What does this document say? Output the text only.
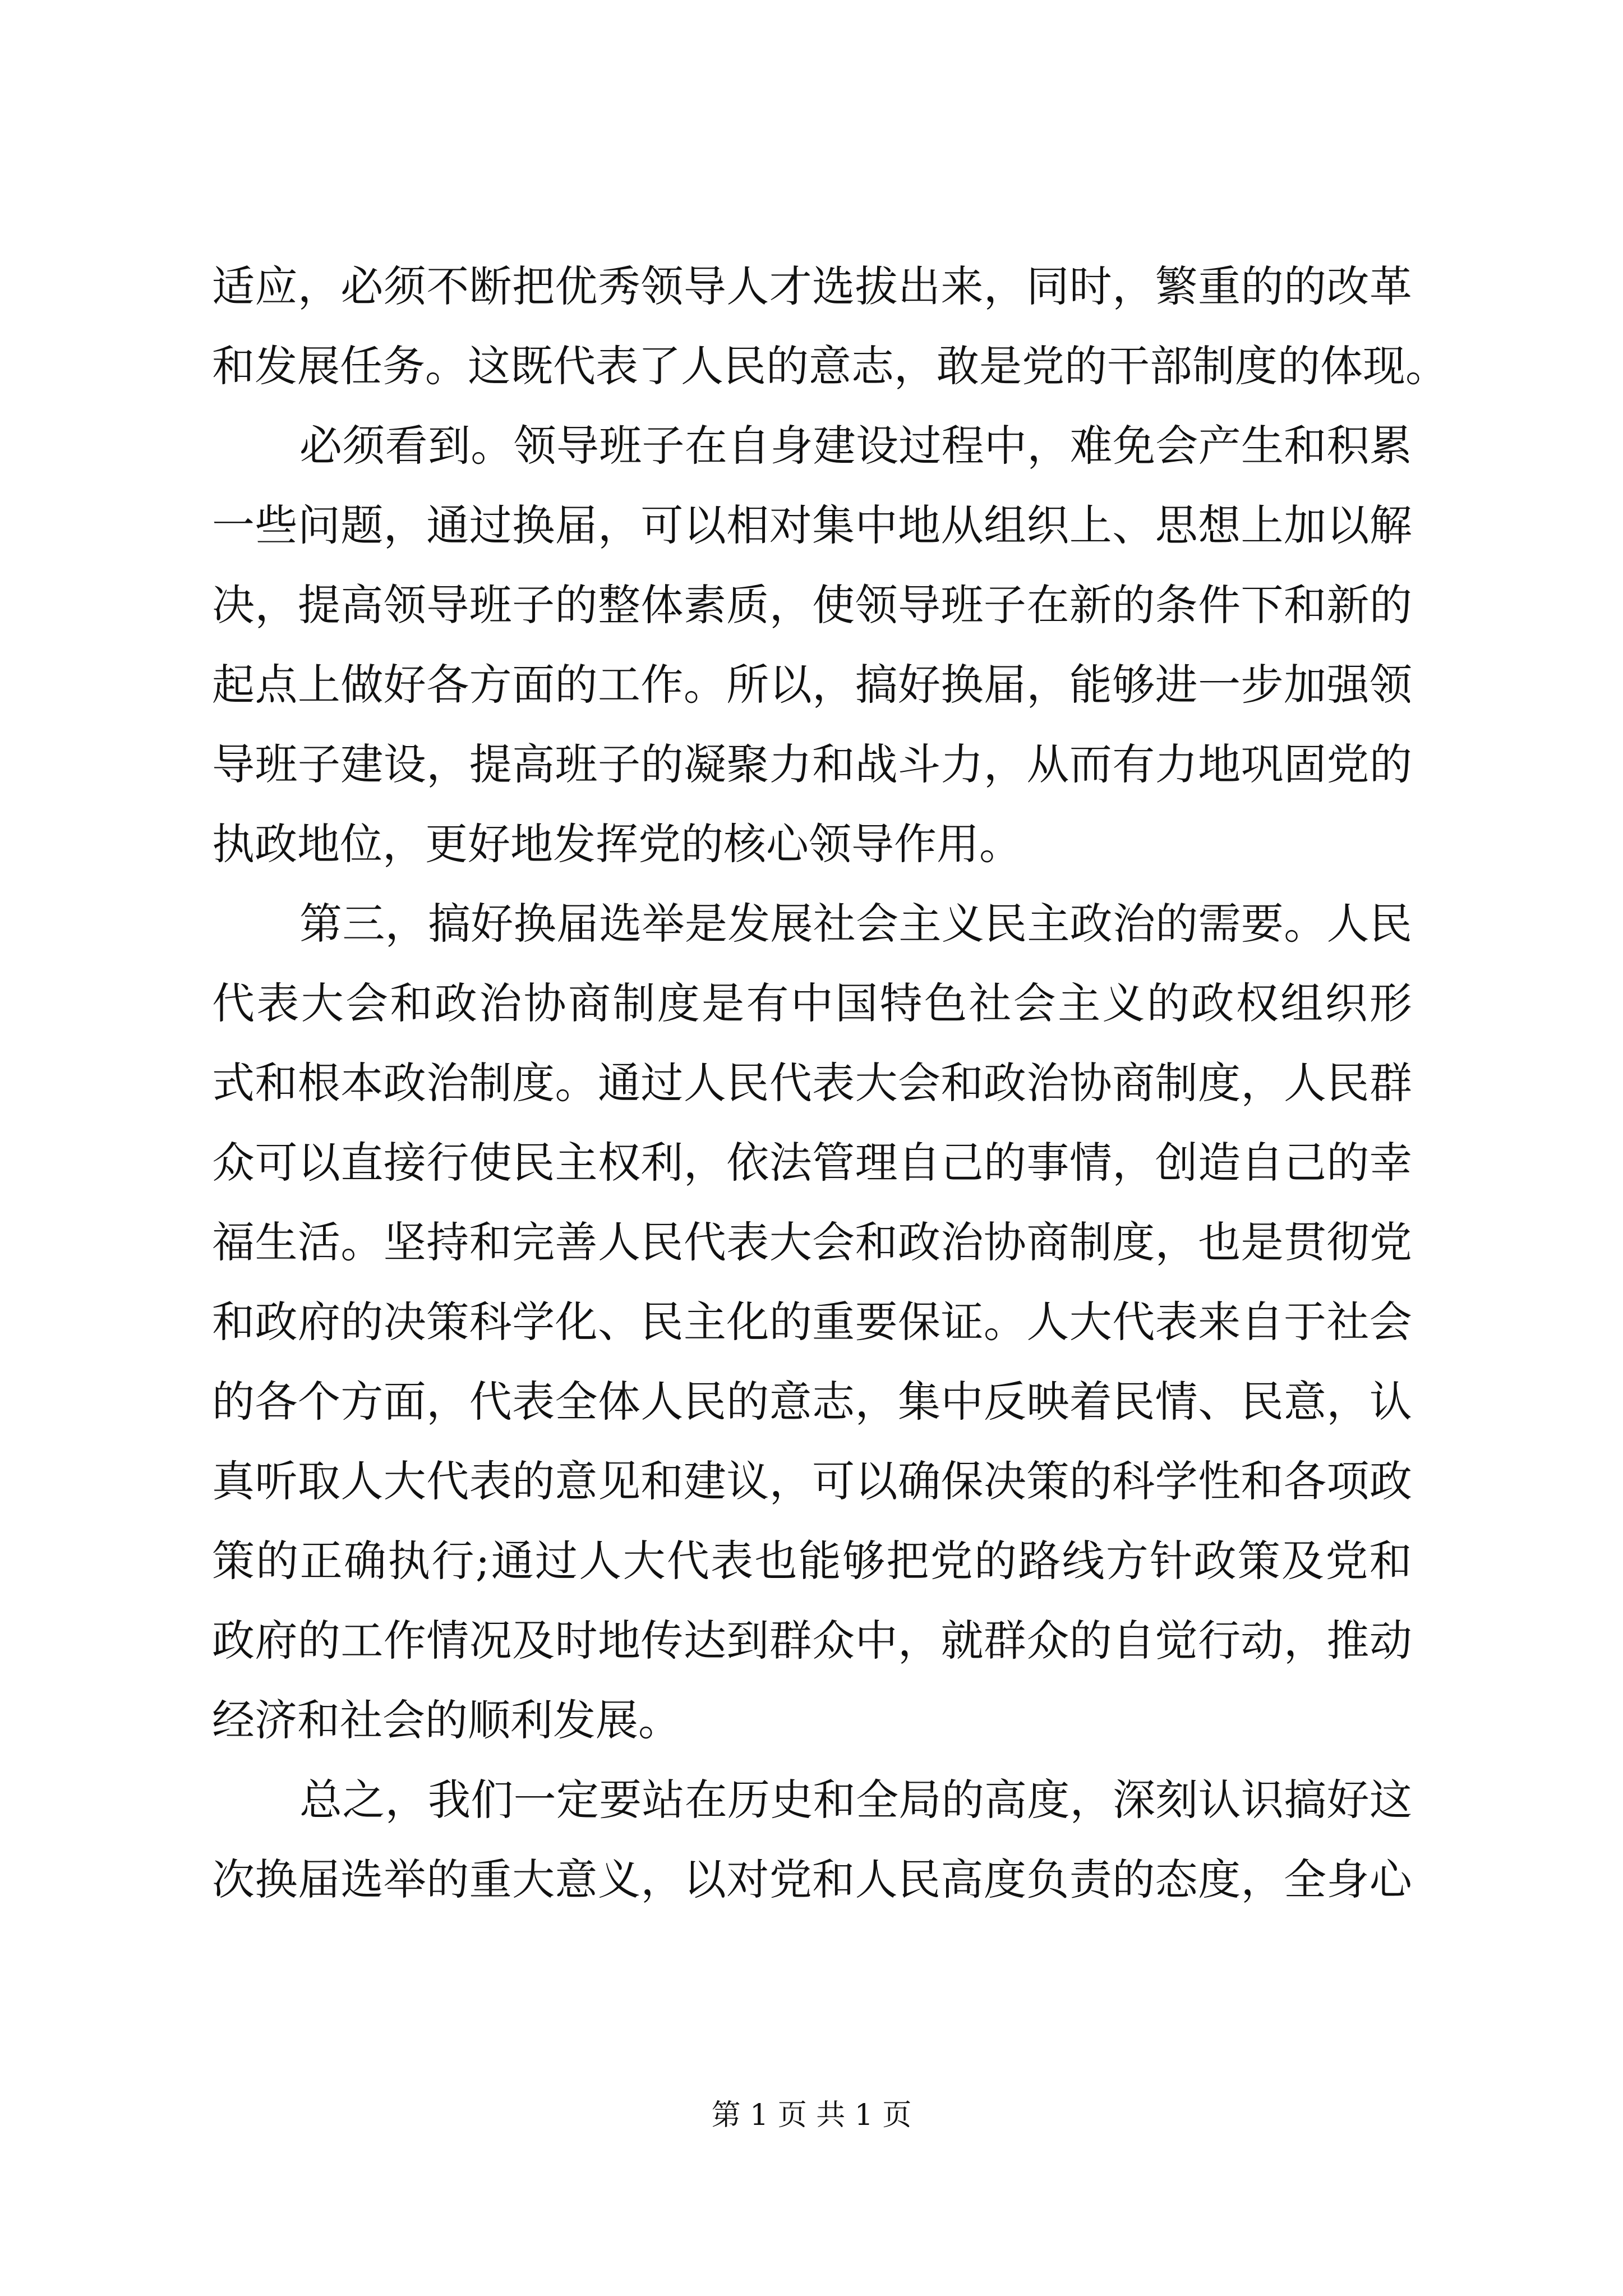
适 应 ， 必 须 不 断 把 优 秀 领 导 人 才 选 拔 出 来 ， 同 时 ， 繁 重 的 的 改 革
和 发 展 任 务 。 这 既 代 表 了 人 民 的 意 志 ， 敢 是 党 的 干 部 制 度 的 体 现 。
必 须 看 到 。 领 导 班 子 在 自 身 建 设 过 程 中 ， 难 免 会 产 生 和 积 累
一 些 问 题 ， 通 过 换 届 ， 可 以 相 对 集 中 地 从 组 织 上 、 思 想 上 加 以 解
决 ， 提 高 领 导 班 子 的 整 体 素 质 ， 使 领 导 班 子 在 新 的 条 件 下 和 新 的
起 点 上 做 好 各 方 面 的 工 作 。 所 以 ， 搞 好 换 届 ， 能 够 进 一 步 加 强 领
导 班 子 建 设 ， 提 高 班 子 的 凝 聚 力 和 战 斗 力 ， 从 而 有 力 地 巩 固 党 的
执 政 地 位 ， 更 好 地 发 挥 党 的 核 心 领 导 作 用 。
第 三 ， 搞 好 换 届 选 举 是 发 展 社 会 主 义 民 主 政 治 的 需 要 。 人 民
代 表 大 会 和 政 治 协 商 制 度 是 有 中 国 特 色 社 会 主 义 的 政 权 组 织 形
式 和 根 本 政 治 制 度 。 通 过 人 民 代 表 大 会 和 政 治 协 商 制 度 ， 人 民 群
众 可 以 直 接 行 使 民 主 权 利 ， 依 法 管 理 自 己 的 事 情 ， 创 造 自 己 的 幸
福 生 活 。 坚 持 和 完 善 人 民 代 表 大 会 和 政 治 协 商 制 度 ， 也 是 贯 彻 党
和 政 府 的 决 策 科 学 化 、 民 主 化 的 重 要 保 证 。 人 大 代 表 来 自 于 社 会
的 各 个 方 面 ， 代 表 全 体 人 民 的 意 志 ， 集 中 反 映 着 民 情 、 民 意 ， 认
真 听 取 人 大 代 表 的 意 见 和 建 议 ， 可 以 确 保 决 策 的 科 学 性 和 各 项 政
策 的 正 确 执 行 ; 通 过 人 大 代 表 也 能 够 把 党 的 路 线 方 针 政 策 及 党 和
政 府 的 工 作 情 况 及 时 地 传 达 到 群 众 中 ， 就 群 众 的 自 觉 行 动 ， 推 动
经 济 和 社 会 的 顺 利 发 展 。
总 之 ， 我 们 一 定 要 站 在 历 史 和 全 局 的 高 度 ， 深 刻 认 识 搞 好 这
次 换 届 选 举 的 重 大 意 义 ， 以 对 党 和 人 民 高 度 负 责 的 态 度 ， 全 身 心
第 1 页 共 1 页
